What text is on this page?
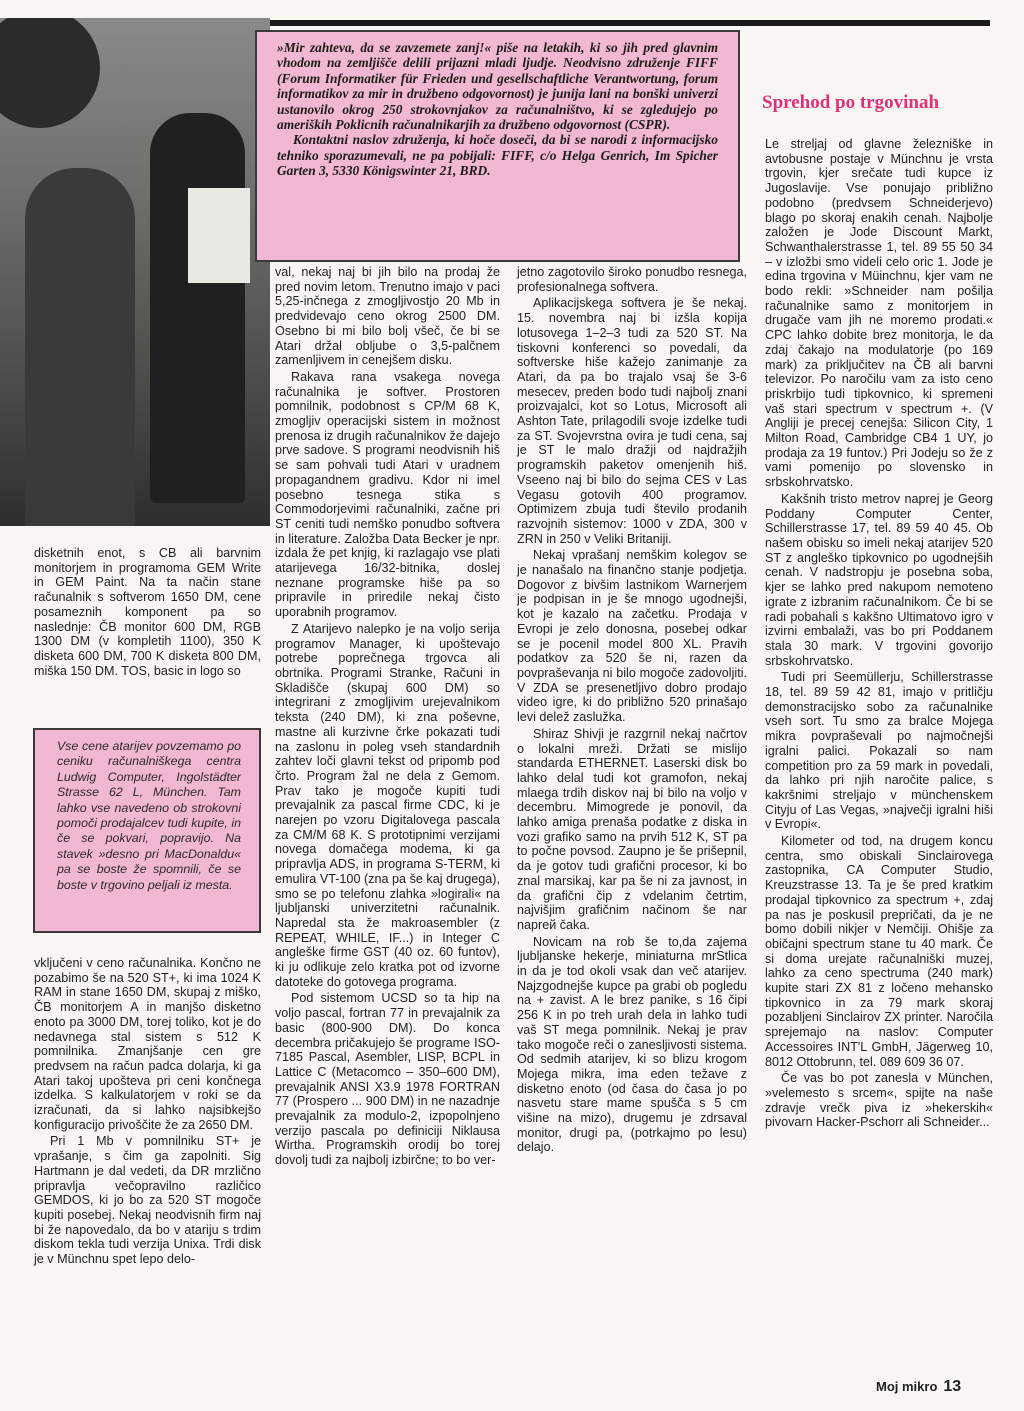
»Mir zahteva, da se zavzemete zanj!« piše na letakih, ki so jih pred glavnim vhodom na zemljišče delili prijazni mladi ljudje. Neodvisno združenje FIFF (Forum Informatiker für Frieden und gesellschaftliche Verantwortung, forum informatikov za mir in družbeno odgovornost) je junija lani na bonški univerzi ustanovilo okrog 250 strokovnjakov za računalništvo, ki se zgledujejo po ameriških Poklicnih računalnikarjih za družbeno odgovornost (CSPR).

Kontaktni naslov združenja, ki hoče doseči, da bi se narodi z informacijsko tehniko sporazumevali, ne pa pobijali: FIFF, c/o Helga Genrich, Im Spicher Garten 3, 5330 Königswinter 21, BRD.

Sprehod po trgovinah

disketnih enot, s CB ali barvnim monitorjem in programoma GEM Write in GEM Paint. Na ta način stane računalnik s softverom 1650 DM, cene posameznih komponent pa so naslednje: ČB monitor 600 DM, RGB 1300 DM (v kompletih 1100), 350 K disketa 600 DM, 700 K disketa 800 DM, miška 150 DM. TOS, basic in logo so

Vse cene atarijev povzemamo po ceniku računalniškega centra Ludwig Computer, Ingolstädter Strasse 62 L, München. Tam lahko vse navedeno ob strokovni pomoči prodajalcev tudi kupite, in če se pokvari, popravijo. Na stavek »desno pri MacDonaldu« pa se boste že spomnili, če se boste v trgovino peljali iz mesta.

vključeni v ceno računalnika. Končno ne pozabimo še na 520 ST+, ki ima 1024 K RAM in stane 1650 DM, skupaj z miško, ČB monitorjem A in manjšo disketno enoto pa 3000 DM, torej toliko, kot je do nedavnega stal sistem s 512 K pomnilnika. Zmanjšanje cen gre predvsem na račun padca dolarja, ki ga Atari takoj upošteva pri ceni končnega izdelka. S kalkulatorjem v roki se da izračunati, da si lahko najsibkejšo konfiguracijo privoščite že za 2650 DM.

Pri 1 Mb v pomnilniku ST+ je vprašanje, s čim ga zapolniti. Sig Hartmann je dal vedeti, da DR mrzlično pripravlja večopravilno različico GEMDOS, ki jo bo za 520 ST mogoče kupiti posebej. Nekaj neodvisnih firm naj bi že napovedalo, da bo v atariju s trdim diskom tekla tudi verzija Unixa. Trdi disk je v Münchnu spet lepo delo-

val, nekaj naj bi jih bilo na prodaj že pred novim letom. Trenutno imajo v paci 5,25-inčnega z zmogljivostjo 20 Mb in predvidevajo ceno okrog 2500 DM. Osebno bi mi bilo bolj všeč, če bi se Atari držal obljube o 3,5-palčnem zamenljivem in cenejšem disku.

Rakava rana vsakega novega računalnika je softver. Prostoren pomnilnik, podobnost s CP/M 68 K, zmogljiv operacijski sistem in možnost prenosa iz drugih računalnikov že dajejo prve sadove. S programi neodvisnih hiš se sam pohvali tudi Atari v uradnem propagandnem gradivu. Kdor ni imel posebno tesnega stika s Commodorjevimi računalniki, začne pri ST ceniti tudi nemško ponudbo softvera in literature. Založba Data Becker je npr. izdala že pet knjig, ki razlagajo vse plati atarijevega 16/32-bitnika, doslej neznane programske hiše pa so pripravile in priredile nekaj čisto uporabnih programov.

Z Atarijevo nalepko je na voljo serija programov Manager, ki upoštevajo potrebe poprečnega trgovca ali obrtnika. Programi Stranke, Računi in Skladišče (skupaj 600 DM) so integrirani z zmogljivim urejevalnikom teksta (240 DM), ki zna poševne, mastne ali kurzivne črke pokazati tudi na zaslonu in poleg vseh standardnih zahtev loči glavni tekst od pripomb pod črto. Program žal ne dela z Gemom. Prav tako je mogoče kupiti tudi prevajalnik za pascal firme CDC, ki je narejen po vzoru Digitalovega pascala za CM/M 68 K. S prototipnimi verzijami novega domačega modema, ki ga pripravlja ADS, in programa S-TERM, ki emulira VT-100 (zna pa še kaj drugega), smo se po telefonu zlahka »logirali« na ljubljanski univerzitetni računalnik. Napredal sta že makroasembler (z REPEAT, WHILE, IF...) in Integer C angleške firme GST (40 oz. 60 funtov), ki ju odlikuje zelo kratka pot od izvorne datoteke do gotovega programa.

Pod sistemom UCSD so ta hip na voljo pascal, fortran 77 in prevajalnik za basic (800-900 DM). Do konca decembra pričakujejo še programe ISO-7185 Pascal, Asembler, LISP, BCPL in Lattice C (Metacomco – 350–600 DM), prevajalnik ANSI X3.9 1978 FORTRAN 77 (Prospero ... 900 DM) in ne nazadnje prevajalnik za modulo-2, izpopolnjeno verzijo pascala po definiciji Niklausa Wirtha. Programskih orodij bo torej dovolj tudi za najbolj izbirčne; to bo ver-

jetno zagotovilo široko ponudbo resnega, profesionalnega softvera.

Aplikacijskega softvera je še nekaj. 15. novembra naj bi izšla kopija lotusovega 1–2–3 tudi za 520 ST. Na tiskovni konferenci so povedali, da softverske hiše kažejo zanimanje za Atari, da pa bo trajalo vsaj še 3-6 mesecev, preden bodo tudi najbolj znani proizvajalci, kot so Lotus, Microsoft ali Ashton Tate, prilagodili svoje izdelke tudi za ST. Svojevrstna ovira je tudi cena, saj je ST le malo dražji od najdražjih programskih paketov omenjenih hiš. Vseeno naj bi bilo do sejma CES v Las Vegasu gotovih 400 programov. Optimizem zbuja tudi število prodanih razvojnih sistemov: 1000 v ZDA, 300 v ZRN in 250 v Veliki Britaniji.

Nekaj vprašanj nemškim kolegov se je nanašalo na finančno stanje podjetja. Dogovor z bivšim lastnikom Warnerjem je podpisan in je še mnogo ugodnejši, kot je kazalo na začetku. Prodaja v Evropi je zelo donosna, posebej odkar se je pocenil model 800 XL. Pravih podatkov za 520 še ni, razen da povpraševanja ni bilo mogoče zadovoljiti. V ZDA se presenetljivo dobro prodajo video igre, ki do približno 520 prinašajo levi delež zaslužka.

Shiraz Shivji je razgrnil nekaj načrtov o lokalni mreži. Držati se mislijo standarda ETHERNET. Laserski disk bo lahko delal tudi kot gramofon, nekaj mlaega trdih diskov naj bi bilo na voljo v decembru. Mimogrede je ponovil, da lahko amiga prenaša podatke z diska in vozi grafiko samo na prvih 512 K, ST pa to počne povsod. Zaupno je še prišepnil, da je gotov tudi grafični procesor, ki bo znal marsikaj, kar pa še ni za javnost, in da grafični čip z vdelanim četrtim, najvišjim grafičnim načinom še nar napreй čaka.

Novicam na rob še to,da zajema ljubljanske hekerje, miniaturna mrStlica in da je tod okoli vsak dan več atarijev. Najzgodnejše kupce pa grabi ob pogledu na + zavist. A le brez panike, s 16 čipi 256 K in po treh urah dela in lahko tudi vaš ST mega pomnilnik. Nekaj je prav tako mogoče reči o zanesljivosti sistema. Od sedmih atarijev, ki so blizu krogom Mojega mikra, ima eden težave z disketno enoto (od časa do časa jo po nasvetu stare mame spušča s 5 cm višine na mizo), drugemu je zdrsaval monitor, drugi pa, (potrkajmo po lesu) delajo.

Le streljaj od glavne železniške in avtobusne postaje v Münchnu je vrsta trgovin, kjer srečate tudi kupce iz Jugoslavije. Vse ponujajo približno podobno (predvsem Schneiderjevo) blago po skoraj enakih cenah. Najbolje založen je Jode Discount Markt, Schwanthalerstrasse 1, tel. 89 55 50 34 – v izložbi smo videli celo oric 1. Jode je edina trgovina v Müinchnu, kjer vam ne bodo rekli: »Schneider nam pošilja računalnike samo z monitorjem in drugače vam jih ne moremo prodati.« CPC lahko dobite brez monitorja, le da zdaj čakajo na modulatorje (po 169 mark) za priključitev na ČB ali barvni televizor. Po naročilu vam za isto ceno priskrbijo tudi tipkovnico, ki spremeni vaš stari spectrum v spectrum +. (V Angliji je precej cenejša: Silicon City, 1 Milton Road, Cambridge CB4 1 UY, jo prodaja za 19 funtov.) Pri Jodeju so že z vami pomenijo po slovensko in srbskohrvatsko.

Kakšnih tristo metrov naprej je Georg Poddany Computer Center, Schillerstrasse 17, tel. 89 59 40 45. Ob našem obisku so imeli nekaj atarijev 520 ST z angleško tipkovnico po ugodnejših cenah. V nadstropju je posebna soba, kjer se lahko pred nakupom nemoteno igrate z izbranim računalnikom. Če bi se radi pobahali s kakšno Ultimatovo igro v izvirni embalaži, vas bo pri Poddanem stala 30 mark. V trgovini govorijo srbskohrvatsko.

Tudi pri Seemüllerju, Schillerstrasse 18, tel. 89 59 42 81, imajo v pritličju demonstracijsko sobo za računalnike vseh sort. Tu smo za bralce Mojega mikra povpraševali po najmočnejši igralni palici. Pokazali so nam competition pro za 59 mark in povedali, da lahko pri njih naročite palice, s kakršnimi streljajo v münchenskem Cityju of Las Vegas, »največji igralni hiši v Evropi«.

Kilometer od tod, na drugem koncu centra, smo obiskali Sinclairovega zastopnika, CA Computer Studio, Kreuzstrasse 13. Ta je še pred kratkim prodajal tipkovnico za spectrum +, zdaj pa nas je poskusil prepričati, da je ne bomo dobili nikjer v Nemčiji. Ohišje za običajni spectrum stane tu 40 mark. Če si doma urejate računalniški muzej, lahko za ceno spectruma (240 mark) kupite stari ZX 81 z ločeno mehansko tipkovnico in za 79 mark skoraj pozabljeni Sinclairov ZX printer. Naročila sprejemajo na naslov: Computer Accessoires INT'L GmbH, Jägerweg 10, 8012 Ottobrunn, tel. 089 609 36 07.

Če vas bo pot zanesla v München, »velemesto s srcem«, spijte na naše zdravje vrečk piva iz »hekerskih« pivovarn Hacker-Pschorr ali Schneider...

Moj mikro 13
